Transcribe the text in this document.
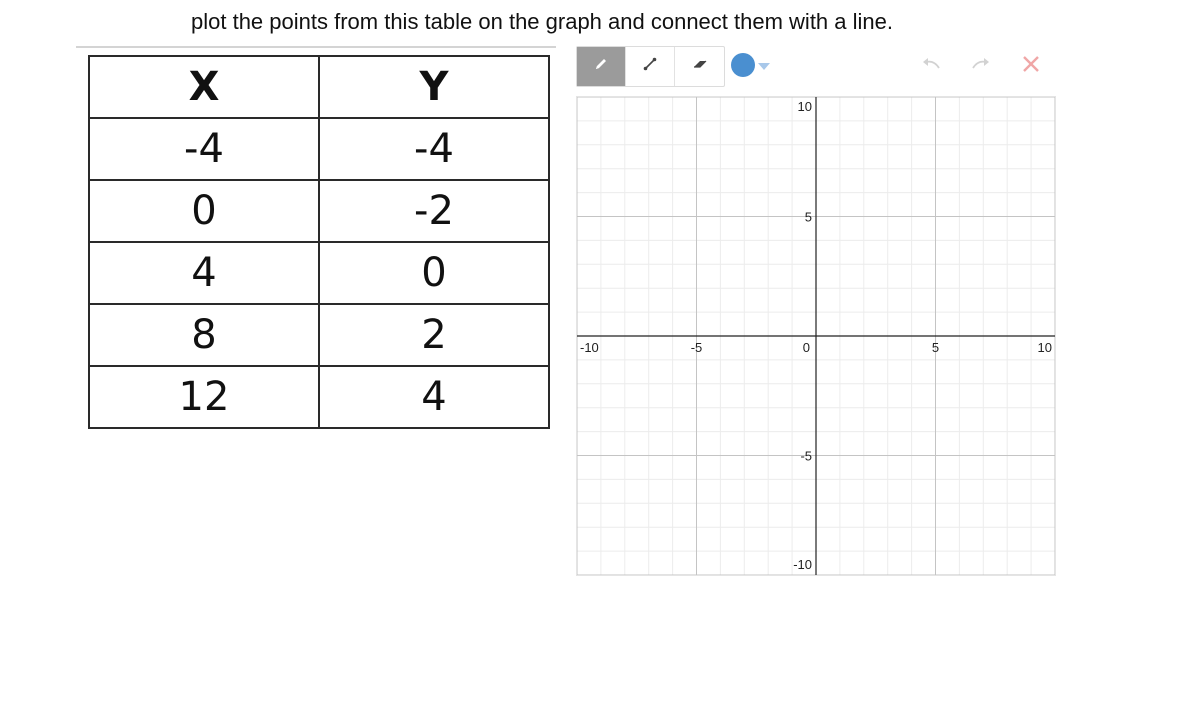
plot the points from this table on the graph and connect them with a line.
X	Y
-4	-4
0	-2
4	0
8	2
12	4
-10	-5	0	5	10
10
5
-5
-10
